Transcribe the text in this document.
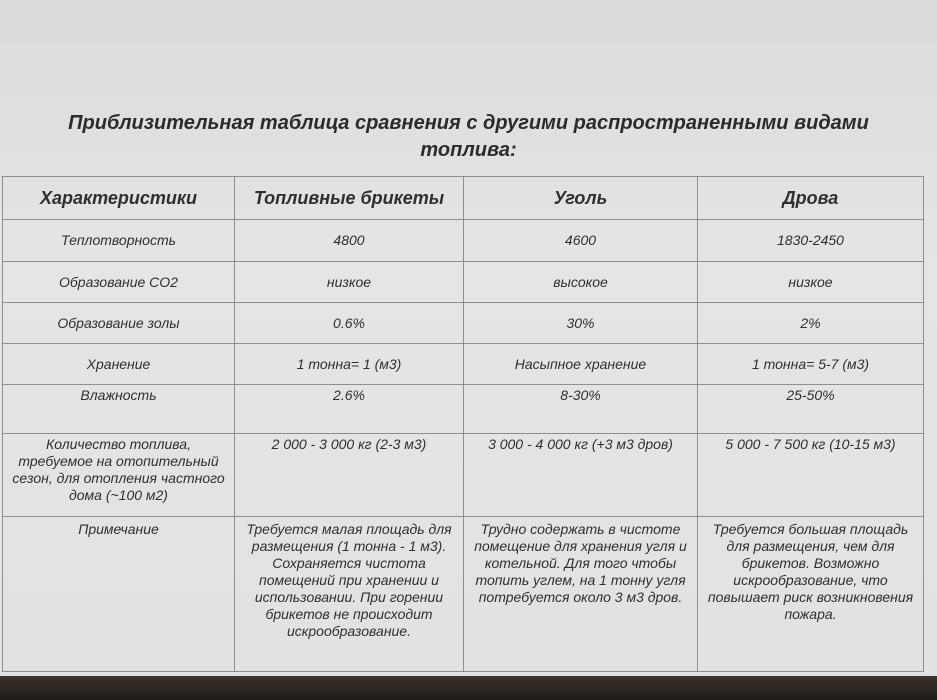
Приблизительная таблица сравнения с другими распространенными видами
топлива:
Характеристики	Топливные брикеты	Уголь	Дрова
Теплотворность	4800	4600	1830-2450
Образование CO2	низкое	высокое	низкое
Образование золы	0.6%	30%	2%
Хранение	1 тонна= 1 (м3)	Насыпное хранение	1 тонна= 5-7 (м3)
Влажность	2.6%	8-30%	25-50%
Количество топлива, требуемое на отопительный сезон, для отопления частного дома (~100 м2)	2 000 - 3 000 кг (2-3 м3)	3 000 - 4 000 кг (+3 м3 дров)	5 000 - 7 500 кг (10-15 м3)
Примечание	Требуется малая площадь для размещения (1 тонна - 1 м3). Сохраняется чистота помещений при хранении и использовании. При горении брикетов не происходит искрообразование.	Трудно содержать в чистоте помещение для хранения угля и котельной. Для того чтобы топить углем, на 1 тонну угля потребуется около 3 м3 дров.	Требуется большая площадь для размещения, чем для брикетов. Возможно искрообразование, что повышает риск возникновения пожара.
